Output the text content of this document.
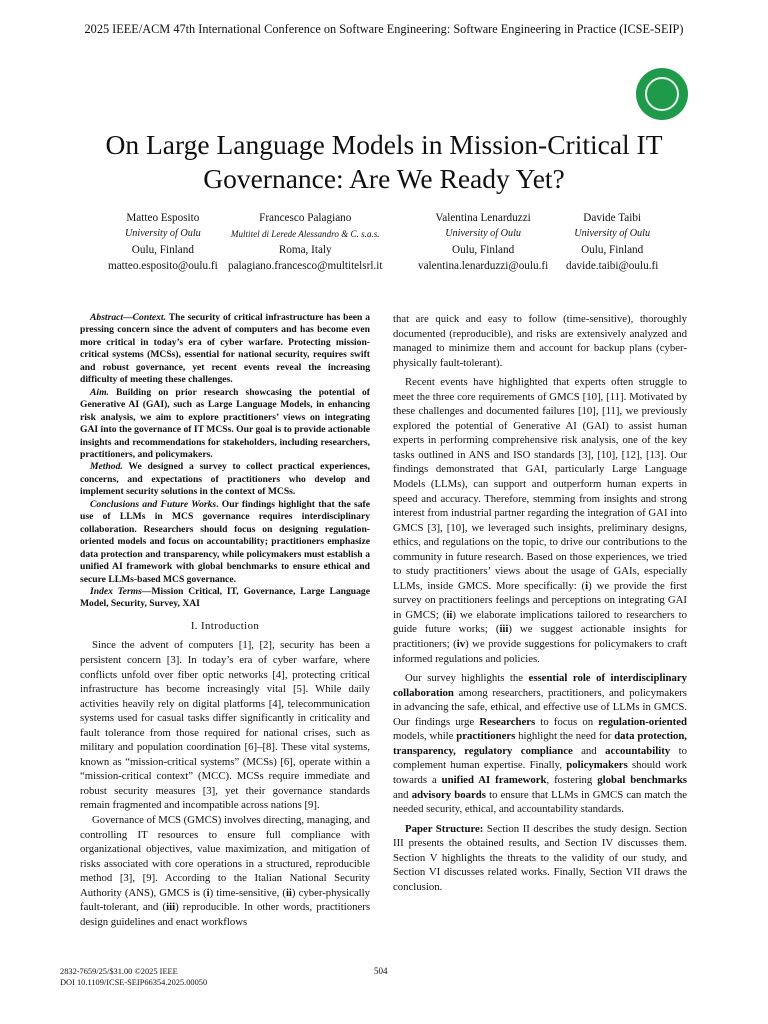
2025 IEEE/ACM 47th International Conference on Software Engineering: Software Engineering in Practice (ICSE-SEIP)
On Large Language Models in Mission-Critical IT
Governance: Are We Ready Yet?
Matteo Esposito
University of Oulu
Oulu, Finland
matteo.esposito@oulu.fi
Francesco Palagiano
Multitel di Lerede Alessandro & C. s.a.s.
Roma, Italy
palagiano.francesco@multitelsrl.it
Valentina Lenarduzzi
University of Oulu
Oulu, Finland
valentina.lenarduzzi@oulu.fi
Davide Taibi
University of Oulu
Oulu, Finland
davide.taibi@oulu.fi

Abstract—Context. The security of critical infrastructure has been a pressing concern since the advent of computers and has become even more critical in today’s era of cyber warfare. Protecting mission-critical systems (MCSs), essential for national security, requires swift and robust governance, yet recent events reveal the increasing difficulty of meeting these challenges.

Aim. Building on prior research showcasing the potential of Generative AI (GAI), such as Large Language Models, in enhancing risk analysis, we aim to explore practitioners’ views on integrating GAI into the governance of IT MCSs. Our goal is to provide actionable insights and recommendations for stakeholders, including researchers, practitioners, and policymakers.

Method. We designed a survey to collect practical experiences, concerns, and expectations of practitioners who develop and implement security solutions in the context of MCSs.

Conclusions and Future Works. Our findings highlight that the safe use of LLMs in MCS governance requires interdisciplinary collaboration. Researchers should focus on designing regulation-oriented models and focus on accountability; practitioners emphasize data protection and transparency, while policymakers must establish a unified AI framework with global benchmarks to ensure ethical and secure LLMs-based MCS governance.

Index Terms—Mission Critical, IT, Governance, Large Language Model, Security, Survey, XAI

I. Introduction

Since the advent of computers [1], [2], security has been a persistent concern [3]. In today’s era of cyber warfare, where conflicts unfold over fiber optic networks [4], protecting critical infrastructure has become increasingly vital [5]. While daily activities heavily rely on digital platforms [4], telecommunication systems used for casual tasks differ significantly in criticality and fault tolerance from those required for national crises, such as military and population coordination [6]–[8]. These vital systems, known as “mission-critical systems” (MCSs) [6], operate within a “mission-critical context” (MCC). MCSs require immediate and robust security measures [3], yet their governance standards remain fragmented and incompatible across nations [9].

Governance of MCS (GMCS) involves directing, managing, and controlling IT resources to ensure full compliance with organizational objectives, value maximization, and mitigation of risks associated with core operations in a structured, reproducible method [3], [9]. According to the Italian National Security Authority (ANS), GMCS is (i) time-sensitive, (ii) cyber-physically fault-tolerant, and (iii) reproducible. In other words, practitioners design guidelines and enact workflows

that are quick and easy to follow (time-sensitive), thoroughly documented (reproducible), and risks are extensively analyzed and managed to minimize them and account for backup plans (cyber-physically fault-tolerant).

Recent events have highlighted that experts often struggle to meet the three core requirements of GMCS [10], [11]. Motivated by these challenges and documented failures [10], [11], we previously explored the potential of Generative AI (GAI) to assist human experts in performing comprehensive risk analysis, one of the key tasks outlined in ANS and ISO standards [3], [10], [12], [13]. Our findings demonstrated that GAI, particularly Large Language Models (LLMs), can support and outperform human experts in speed and accuracy. Therefore, stemming from insights and strong interest from industrial partner regarding the integration of GAI into GMCS [3], [10], we leveraged such insights, preliminary designs, ethics, and regulations on the topic, to drive our contributions to the community in future research. Based on those experiences, we tried to study practitioners’ views about the usage of GAIs, especially LLMs, inside GMCS. More specifically: (i) we provide the first survey on practitioners feelings and perceptions on integrating GAI in GMCS; (ii) we elaborate implications tailored to researchers to guide future works; (iii) we suggest actionable insights for practitioners; (iv) we provide suggestions for policymakers to craft informed regulations and policies.

Our survey highlights the essential role of interdisciplinary collaboration among researchers, practitioners, and policymakers in advancing the safe, ethical, and effective use of LLMs in GMCS. Our findings urge Researchers to focus on regulation-oriented models, while practitioners highlight the need for data protection, transparency, regulatory compliance and accountability to complement human expertise. Finally, policymakers should work towards a unified AI framework, fostering global benchmarks and advisory boards to ensure that LLMs in GMCS can match the needed security, ethical, and accountability standards.

Paper Structure: Section II describes the study design. Section III presents the obtained results, and Section IV discusses them. Section V highlights the threats to the validity of our study, and Section VI discusses related works. Finally, Section VII draws the conclusion.

2832-7659/25/$31.00 ©2025 IEEE
DOI 10.1109/ICSE-SEIP66354.2025.00050
504
